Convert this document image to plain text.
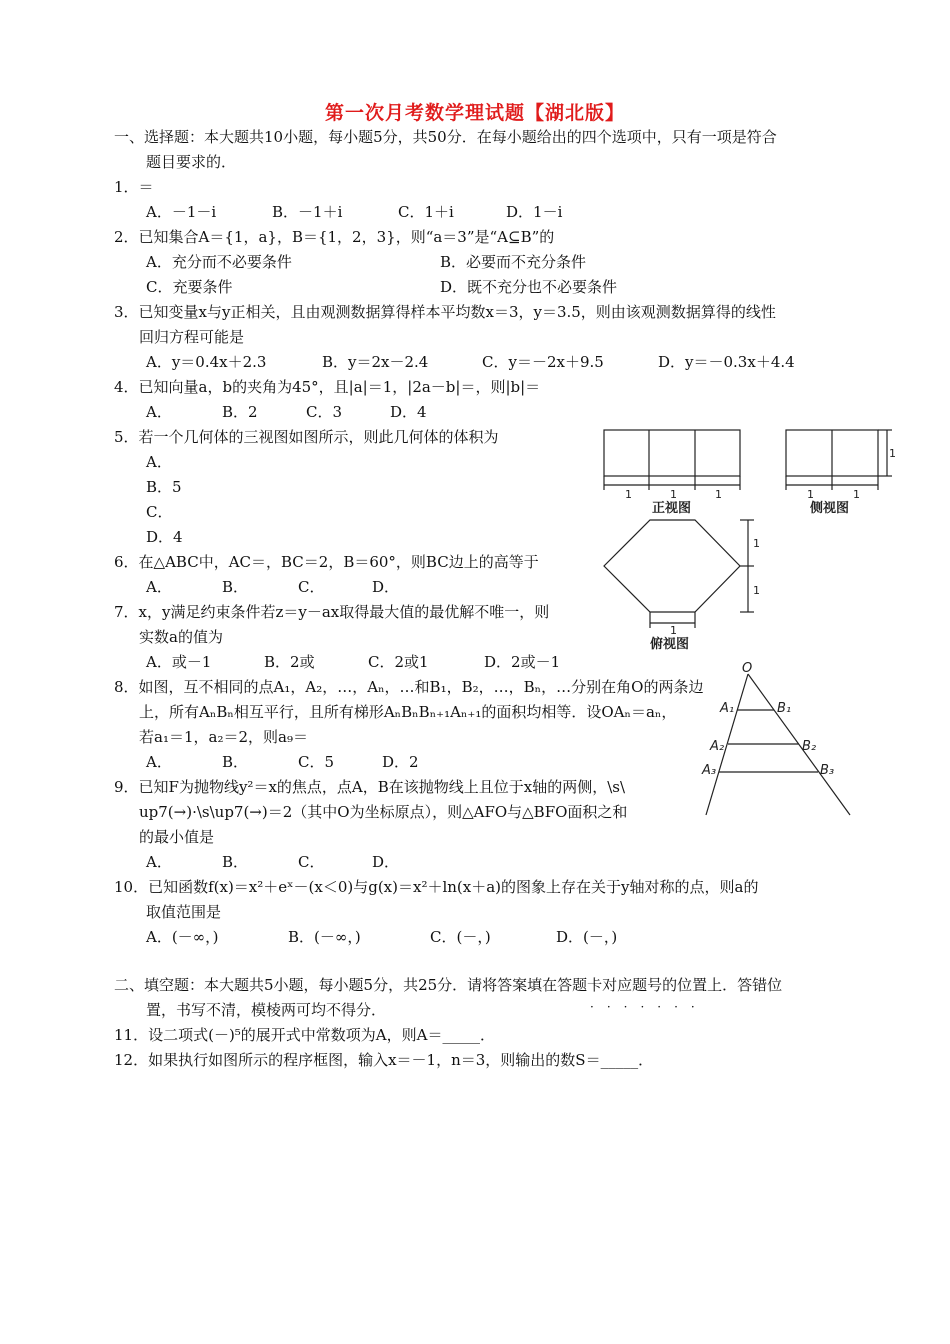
第一次月考数学理试题【湖北版】
一、选择题：本大题共10小题，每小题5分，共50分．在每小题给出的四个选项中，只有一项是符合
题目要求的．
1．＝
A．－1－i	B．－1＋i	C．1＋i	D．1－i
2．已知集合A＝{1，a}，B＝{1，2，3}，则“a＝3”是“A⊆B”的
A．充分而不必要条件	B．必要而不充分条件
C．充要条件	D．既不充分也不必要条件
3．已知变量x与y正相关，且由观测数据算得样本平均数x＝3，y＝3.5，则由该观测数据算得的线性
回归方程可能是
A．y＝0.4x＋2.3	B．y＝2x－2.4	C．y＝－2x＋9.5	D．y＝－0.3x＋4.4
4．已知向量a，b的夹角为45°，且|a|＝1，|2a－b|＝，则|b|＝
A．	B．2	C．3	D．4
5．若一个几何体的三视图如图所示，则此几何体的体积为
A．
B．5
C．
D．4
6．在△ABC中，AC＝，BC＝2，B＝60°，则BC边上的高等于
A．	B．	C．	D．
7．x，y满足约束条件若z＝y－ax取得最大值的最优解不唯一，则
实数a的值为
A．或－1	B．2或	C．2或1	D．2或－1
8．如图，互不相同的点A₁，A₂，…，Aₙ，…和B₁，B₂，…，Bₙ，…分别在角O的两条边
上，所有AₙBₙ相互平行，且所有梯形AₙBₙBₙ₊₁Aₙ₊₁的面积均相等．设OAₙ＝aₙ，
若a₁＝1，a₂＝2，则a₉＝
A．	B．	C．5	D．2
9．已知F为抛物线y²＝x的焦点，点A，B在该抛物线上且位于x轴的两侧，\s\
up7(→)·\s\up7(→)＝2（其中O为坐标原点），则△AFO与△BFO面积之和
的最小值是
A．	B．	C．	D．
10．已知函数f(x)＝x²＋eˣ－(x＜0)与g(x)＝x²＋ln(x＋a)的图象上存在关于y轴对称的点，则a的
取值范围是
A．(－∞，)	B．(－∞，)	C．(－，)	D．(－，)
二、填空题：本大题共5小题，每小题5分，共25分．请将答案填在答题卡对应题号的位置上．答错位
·······
置，书写不清，模棱两可均不得分．
11．设二项式(－)⁵的展开式中常数项为A，则A＝_____．
12．如果执行如图所示的程序框图，输入x＝－1，n＝3，则输出的数S＝_____．
1	1	1	1	1
1
1
1
1
正视图	侧视图
俯视图
O
A₁	B₁
A₂	B₂
A₃	B₃
